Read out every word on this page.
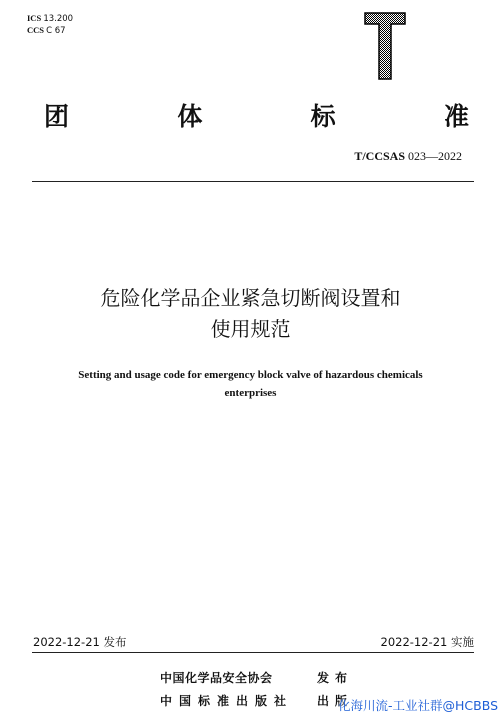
ICS 13.200
CCS C 67
团	体	标	准
T/CCSAS 023—2022
危险化学品企业紧急切断阀设置和
使用规范
Setting and usage code for emergency block valve of hazardous chemicals
enterprises
2022-12-21 发布	2022-12-21 实施
中国化学品安全协会	发布
中国标准出版社 出版
化海川流-工业社群@HCBBS
